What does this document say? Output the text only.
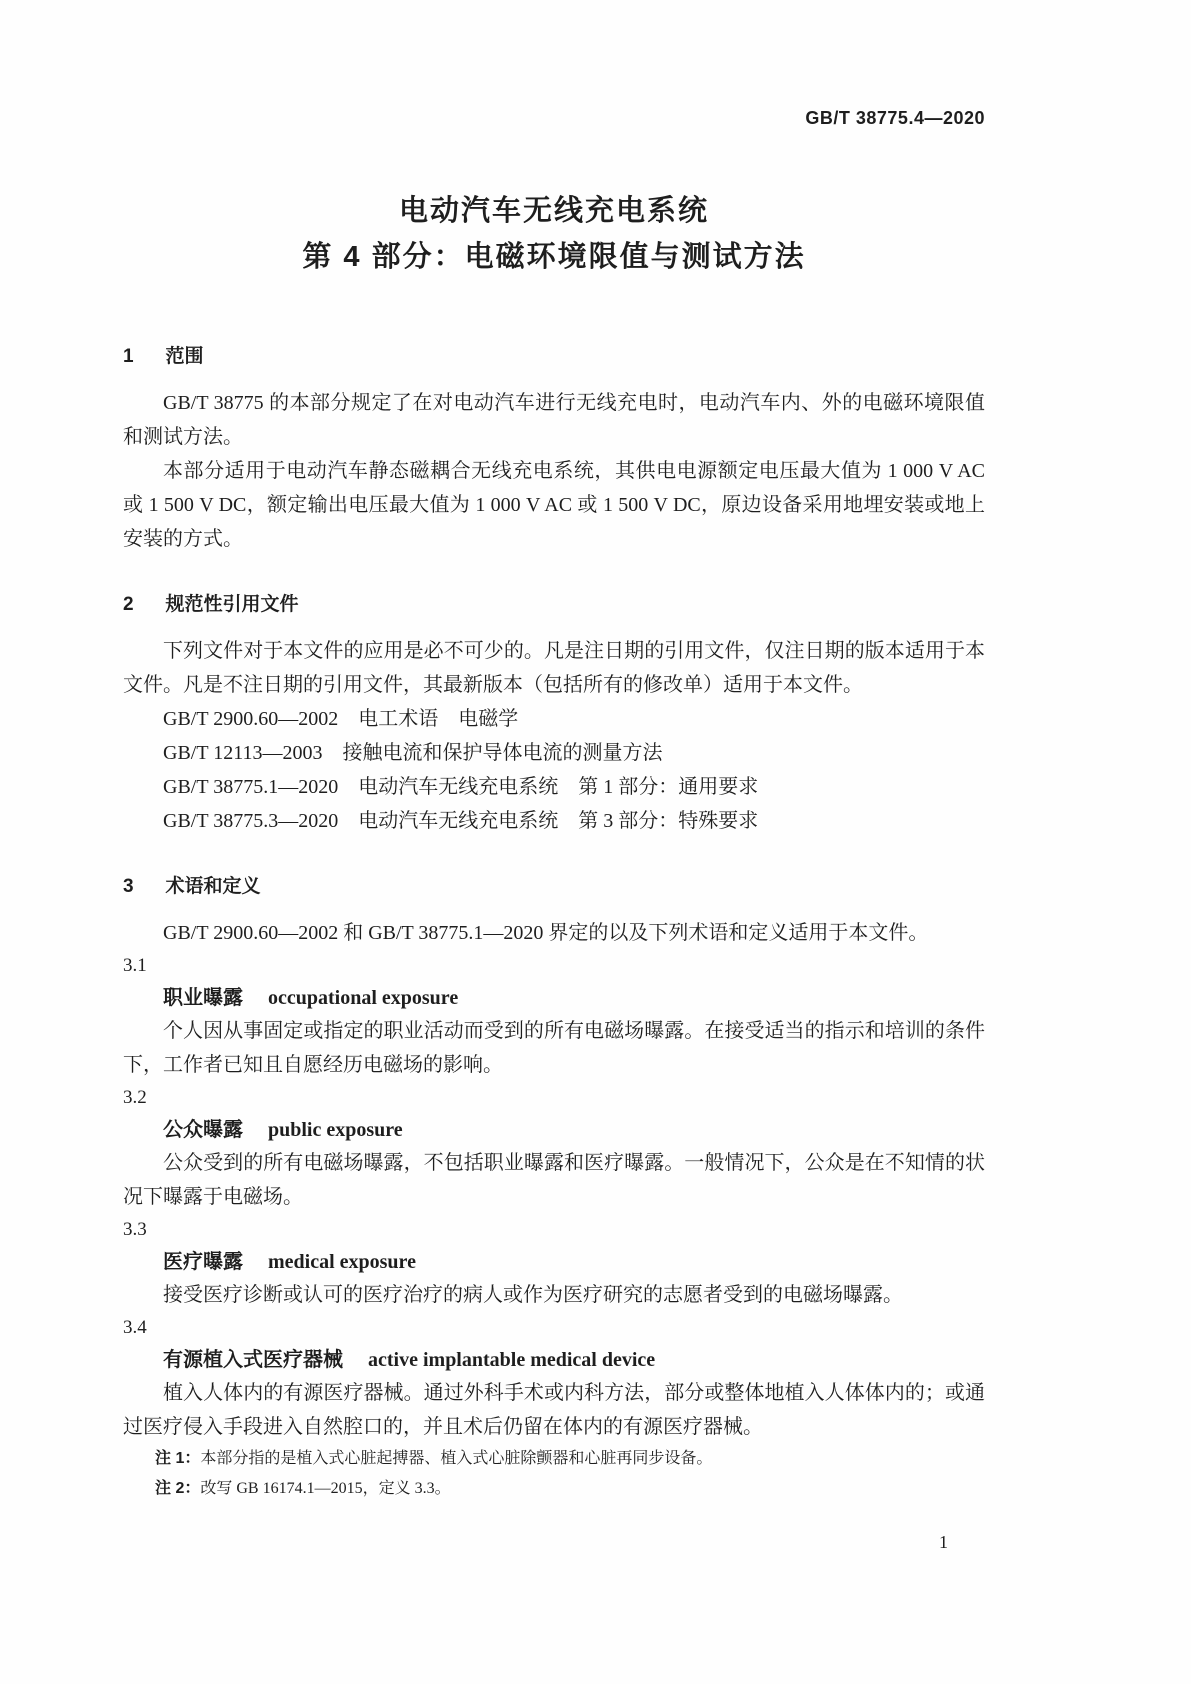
GB/T 38775.4—2020
电动汽车无线充电系统
第 4 部分：电磁环境限值与测试方法
1 范围

GB/T 38775 的本部分规定了在对电动汽车进行无线充电时，电动汽车内、外的电磁环境限值和测试方法。

本部分适用于电动汽车静态磁耦合无线充电系统，其供电电源额定电压最大值为 1 000 V AC 或 1 500 V DC，额定输出电压最大值为 1 000 V AC 或 1 500 V DC，原边设备采用地埋安装或地上安装的方式。

2 规范性引用文件

下列文件对于本文件的应用是必不可少的。凡是注日期的引用文件，仅注日期的版本适用于本文件。凡是不注日期的引用文件，其最新版本（包括所有的修改单）适用于本文件。

GB/T 2900.60—2002　电工术语　电磁学

GB/T 12113—2003　接触电流和保护导体电流的测量方法

GB/T 38775.1—2020　电动汽车无线充电系统　第 1 部分：通用要求

GB/T 38775.3—2020　电动汽车无线充电系统　第 3 部分：特殊要求

3 术语和定义

GB/T 2900.60—2002 和 GB/T 38775.1—2020 界定的以及下列术语和定义适用于本文件。

3.1

职业曝露 occupational exposure

个人因从事固定或指定的职业活动而受到的所有电磁场曝露。在接受适当的指示和培训的条件下，工作者已知且自愿经历电磁场的影响。

3.2

公众曝露 public exposure

公众受到的所有电磁场曝露，不包括职业曝露和医疗曝露。一般情况下，公众是在不知情的状况下曝露于电磁场。

3.3

医疗曝露 medical exposure

接受医疗诊断或认可的医疗治疗的病人或作为医疗研究的志愿者受到的电磁场曝露。

3.4

有源植入式医疗器械 active implantable medical device

植入人体内的有源医疗器械。通过外科手术或内科方法，部分或整体地植入人体体内的；或通过医疗侵入手段进入自然腔口的，并且术后仍留在体内的有源医疗器械。

注 1：本部分指的是植入式心脏起搏器、植入式心脏除颤器和心脏再同步设备。

注 2：改写 GB 16174.1—2015，定义 3.3。

1
